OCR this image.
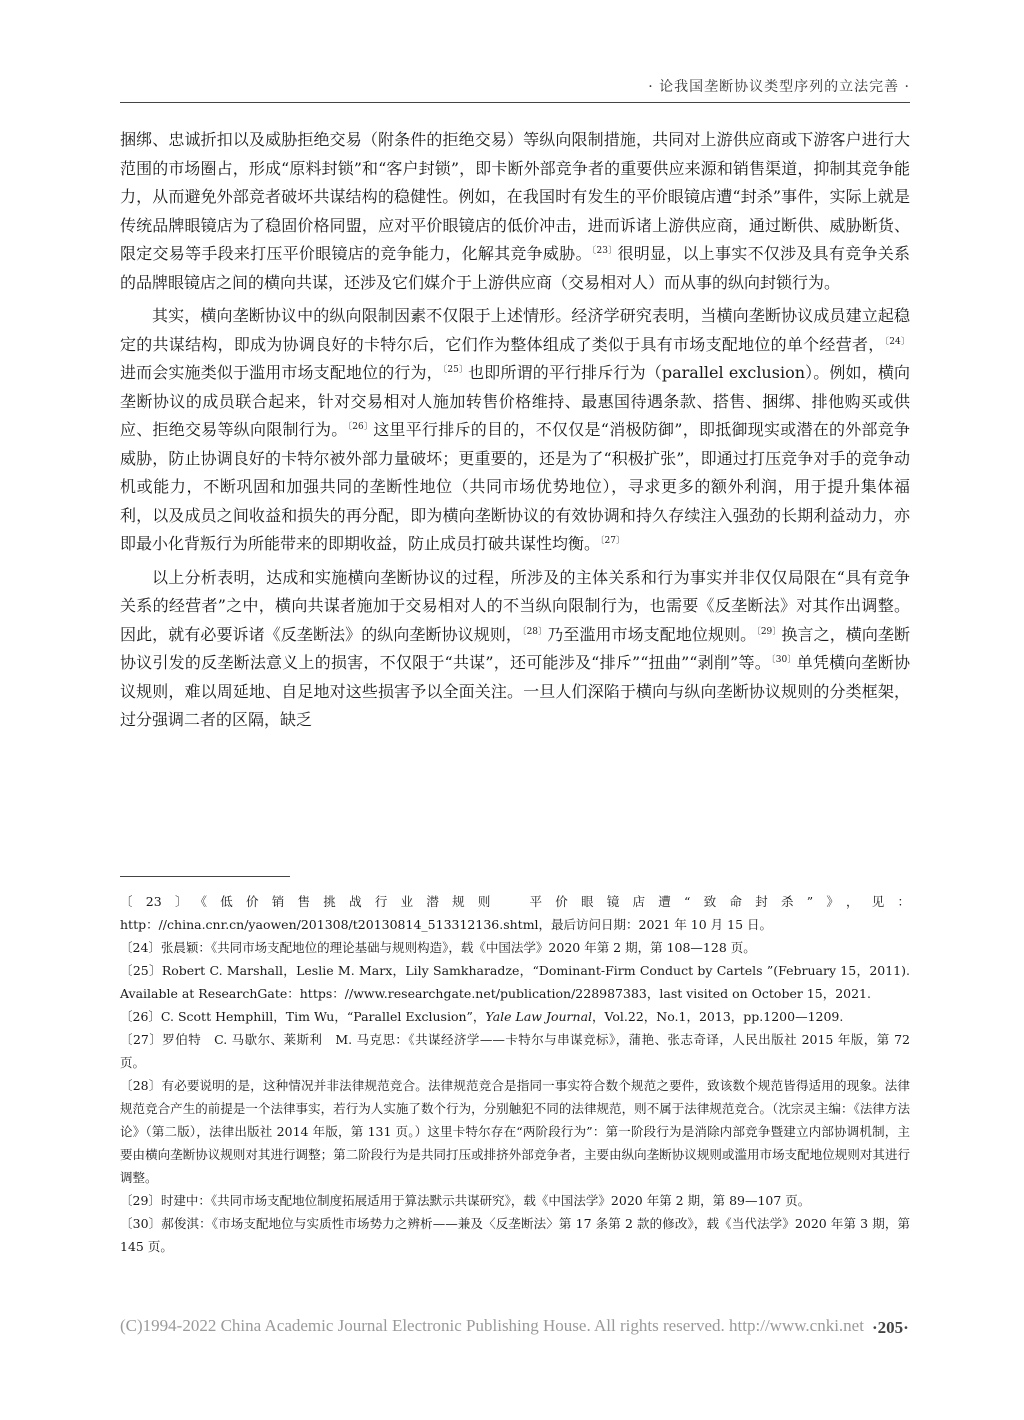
· 论我国垄断协议类型序列的立法完善 ·

捆绑、忠诚折扣以及威胁拒绝交易（附条件的拒绝交易）等纵向限制措施，共同对上游供应商或下游客户进行大范围的市场圈占，形成“原料封锁”和“客户封锁”，即卡断外部竞争者的重要供应来源和销售渠道，抑制其竞争能力，从而避免外部竞者破坏共谋结构的稳健性。例如，在我国时有发生的平价眼镜店遭“封杀”事件，实际上就是传统品牌眼镜店为了稳固价格同盟，应对平价眼镜店的低价冲击，进而诉诸上游供应商，通过断供、威胁断货、限定交易等手段来打压平价眼镜店的竞争能力，化解其竞争威胁。$^{〔23〕}$很明显，以上事实不仅涉及具有竞争关系的品牌眼镜店之间的横向共谋，还涉及它们媒介于上游供应商（交易相对人）而从事的纵向封锁行为。

其实，横向垄断协议中的纵向限制因素不仅限于上述情形。经济学研究表明，当横向垄断协议成员建立起稳定的共谋结构，即成为协调良好的卡特尔后，它们作为整体组成了类似于具有市场支配地位的单个经营者，$^{〔24〕}$进而会实施类似于滥用市场支配地位的行为，$^{〔25〕}$也即所谓的平行排斥行为（parallel exclusion）。例如，横向垄断协议的成员联合起来，针对交易相对人施加转售价格维持、最惠国待遇条款、搭售、捆绑、排他购买或供应、拒绝交易等纵向限制行为。$^{〔26〕}$这里平行排斥的目的，不仅仅是“消极防御”，即抵御现实或潜在的外部竞争威胁，防止协调良好的卡特尔被外部力量破坏；更重要的，还是为了“积极扩张”，即通过打压竞争对手的竞争动机或能力，不断巩固和加强共同的垄断性地位（共同市场优势地位），寻求更多的额外利润，用于提升集体福利，以及成员之间收益和损失的再分配，即为横向垄断协议的有效协调和持久存续注入强劲的长期利益动力，亦即最小化背叛行为所能带来的即期收益，防止成员打破共谋性均衡。$^{〔27〕}$

以上分析表明，达成和实施横向垄断协议的过程，所涉及的主体关系和行为事实并非仅仅局限在“具有竞争关系的经营者”之中，横向共谋者施加于交易相对人的不当纵向限制行为，也需要《反垄断法》对其作出调整。因此，就有必要诉诸《反垄断法》的纵向垄断协议规则，$^{〔28〕}$乃至滥用市场支配地位规则。$^{〔29〕}$换言之，横向垄断协议引发的反垄断法意义上的损害，不仅限于“共谋”，还可能涉及“排斥”“扭曲”“剥削”等。$^{〔30〕}$单凭横向垄断协议规则，难以周延地、自足地对这些损害予以全面关注。一旦人们深陷于横向与纵向垄断协议规则的分类框架，过分强调二者的区隔，缺乏

〔23〕《低价销售挑战行业潜规则　平价眼镜店遭“致命封杀”》，见：http：//china.cnr.cn/yaowen/201308/t20130814_513312136.shtml，最后访问日期：2021 年 10 月 15 日。

〔24〕张晨颖：《共同市场支配地位的理论基础与规则构造》，载《中国法学》2020 年第 2 期，第 108—128 页。

〔25〕Robert C. Marshall，Leslie M. Marx，Lily Samkharadze，“Dominant-Firm Conduct by Cartels ”(February 15，2011). Available at ResearchGate：https：//www.researchgate.net/publication/228987383，last visited on October 15，2021.

〔26〕C. Scott Hemphill，Tim Wu，“Parallel Exclusion”，Yale Law Journal，Vol.22，No.1，2013，pp.1200—1209.

〔27〕罗伯特　C. 马歇尔、莱斯利　M. 马克思：《共谋经济学——卡特尔与串谋竞标》，蒲艳、张志奇译，人民出版社 2015 年版，第 72 页。

〔28〕有必要说明的是，这种情况并非法律规范竞合。法律规范竞合是指同一事实符合数个规范之要件，致该数个规范皆得适用的现象。法律规范竞合产生的前提是一个法律事实，若行为人实施了数个行为，分别触犯不同的法律规范，则不属于法律规范竞合。（沈宗灵主编：《法律方法论》（第二版），法律出版社 2014 年版，第 131 页。）这里卡特尔存在“两阶段行为”：第一阶段行为是消除内部竞争暨建立内部协调机制，主要由横向垄断协议规则对其进行调整；第二阶段行为是共同打压或排挤外部竞争者，主要由纵向垄断协议规则或滥用市场支配地位规则对其进行调整。

〔29〕时建中：《共同市场支配地位制度拓展适用于算法默示共谋研究》，载《中国法学》2020 年第 2 期，第 89—107 页。

〔30〕郝俊淇：《市场支配地位与实质性市场势力之辨析——兼及〈反垄断法〉第 17 条第 2 款的修改》，载《当代法学》2020 年第 3 期，第 145 页。

(C)1994-2022 China Academic Journal Electronic Publishing House. All rights reserved. http://www.cnki.net ·205·
